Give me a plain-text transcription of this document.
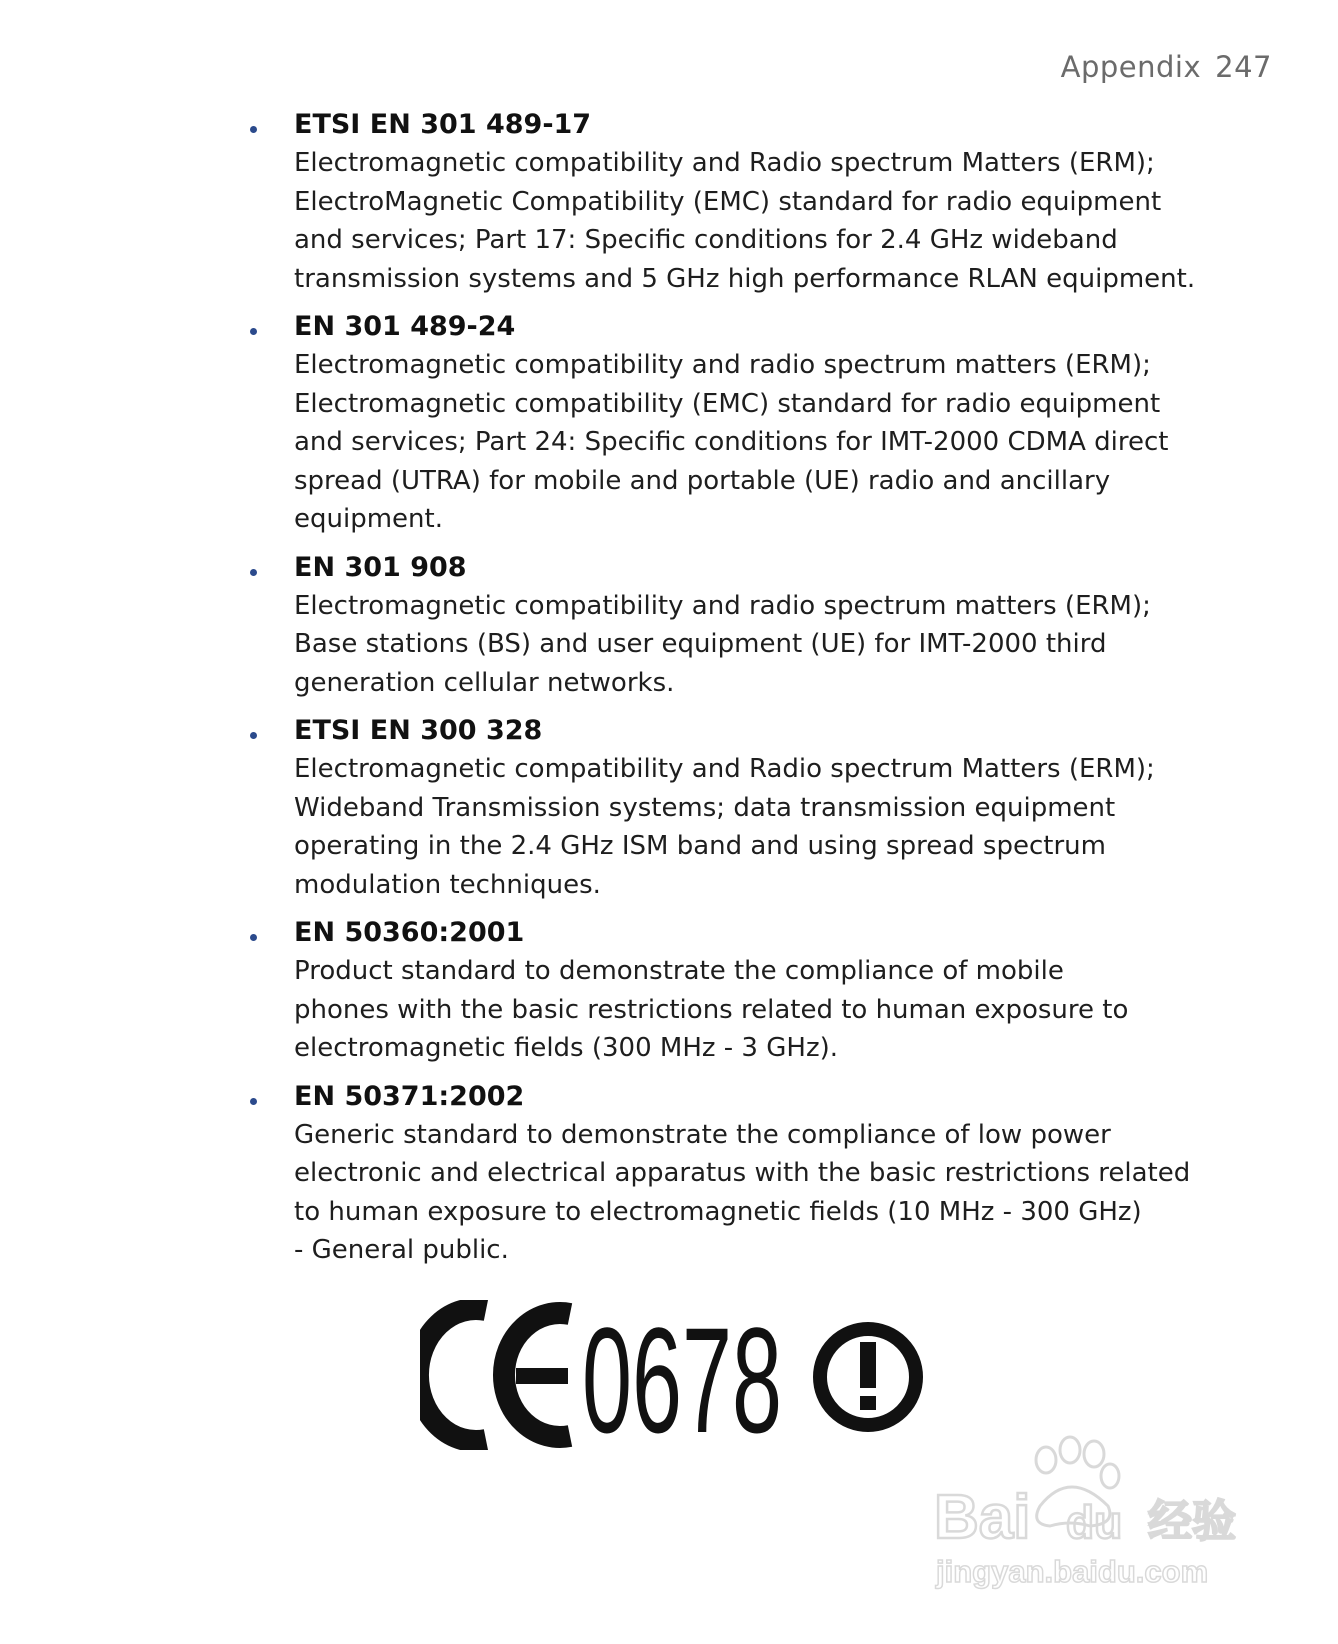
Appendix 247
ETSI EN 301 489-17
Electromagnetic compatibility and Radio spectrum Matters (ERM);
ElectroMagnetic Compatibility (EMC) standard for radio equipment
and services; Part 17: Specific conditions for 2.4 GHz wideband
transmission systems and 5 GHz high performance RLAN equipment.
EN 301 489-24
Electromagnetic compatibility and radio spectrum matters (ERM);
Electromagnetic compatibility (EMC) standard for radio equipment
and services; Part 24: Specific conditions for IMT-2000 CDMA direct
spread (UTRA) for mobile and portable (UE) radio and ancillary
equipment.
EN 301 908
Electromagnetic compatibility and radio spectrum matters (ERM);
Base stations (BS) and user equipment (UE) for IMT-2000 third
generation cellular networks.
ETSI EN 300 328
Electromagnetic compatibility and Radio spectrum Matters (ERM);
Wideband Transmission systems; data transmission equipment
operating in the 2.4 GHz ISM band and using spread spectrum
modulation techniques.
EN 50360:2001
Product standard to demonstrate the compliance of mobile
phones with the basic restrictions related to human exposure to
electromagnetic fields (300 MHz - 3 GHz).
EN 50371:2002
Generic standard to demonstrate the compliance of low power
electronic and electrical apparatus with the basic restrictions related
to human exposure to electromagnetic fields (10 MHz - 300 GHz)
- General public.
0678
Bai du 经验
jingyan.baidu.com
